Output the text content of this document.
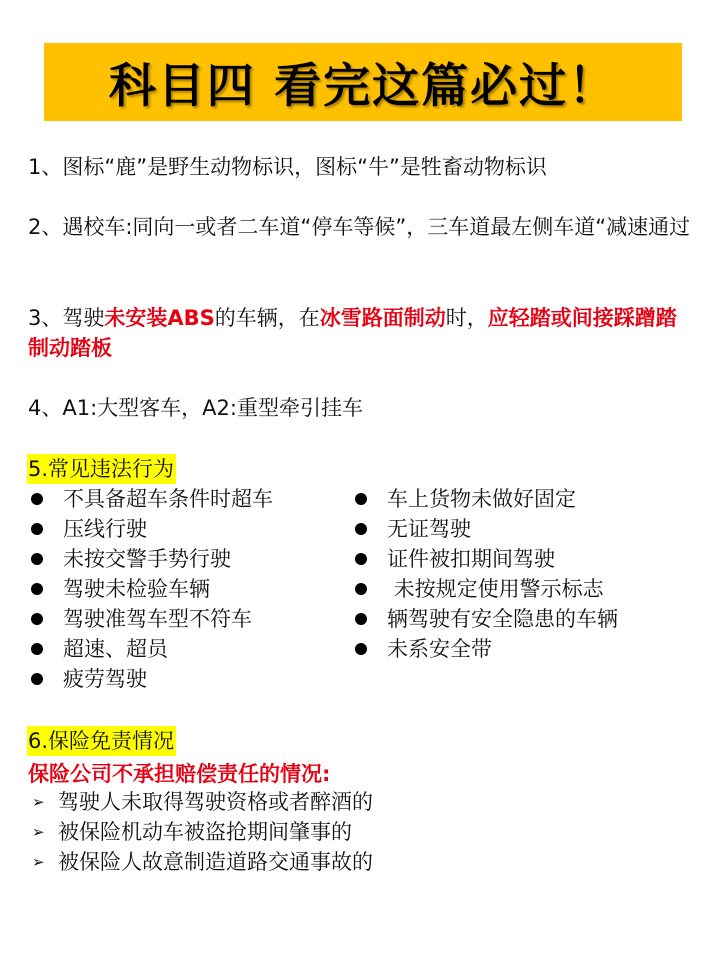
科目四 看完这篇必过！
1、图标“鹿”是野生动物标识，图标“牛”是牲畜动物标识
2、遇校车:同向一或者二车道“停车等候”，三车道最左侧车道“减速通过
3、驾驶未安装ABS的车辆，在冰雪路面制动时，应轻踏或间接踩蹭踏制动踏板
4、A1:大型客车，A2:重型牵引挂车
5.常见违法行为
不具备超车条件时超车
压线行驶
未按交警手势行驶
驾驶未检验车辆
驾驶准驾车型不符车
超速、超员
疲劳驾驶
车上货物未做好固定
无证驾驶
证件被扣期间驾驶
未按规定使用警示标志
辆驾驶有安全隐患的车辆
未系安全带
6.保险免责情况
保险公司不承担赔偿责任的情况:
➢ 驾驶人未取得驾驶资格或者醉酒的
➢ 被保险机动车被盗抢期间肇事的
➢ 被保险人故意制造道路交通事故的
